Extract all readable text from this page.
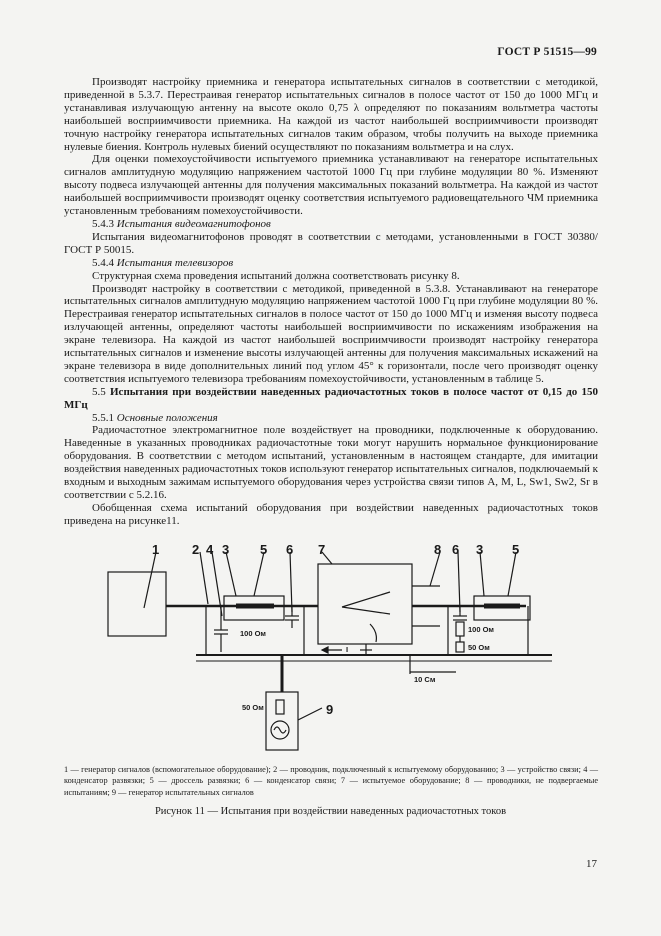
ГОСТ Р 51515—99

Производят настройку приемника и генератора испытательных сигналов в соответствии с методикой, приведенной в 5.3.7. Перестраивая генератор испытательных сигналов в полосе частот от 150 до 1000 МГц и устанавливая излучающую антенну на высоте около 0,75 λ определяют по показаниям вольтметра частоты наибольшей восприимчивости приемника. На каждой из частот наибольшей восприимчивости производят точную настройку генератора испытательных сигналов таким образом, чтобы получить на выходе приемника нулевые биения. Контроль нулевых биений осуществляют по показаниям вольтметра и на слух.

Для оценки помехоустойчивости испытуемого приемника устанавливают на генераторе испытательных сигналов амплитудную модуляцию напряжением частотой 1000 Гц при глубине модуляции 80 %. Изменяют высоту подвеса излучающей антенны для получения максимальных показаний вольтметра. На каждой из частот наибольшей восприимчивости производят оценку соответствия испытуемого радиовещательного ЧМ приемника установленным требованиям помехоустойчивости.

5.4.3 Испытания видеомагнитофонов

Испытания видеомагнитофонов проводят в соответствии с методами, установленными в ГОСТ 30380/ГОСТ Р 50015.

5.4.4 Испытания телевизоров

Структурная схема проведения испытаний должна соответствовать рисунку 8.

Производят настройку в соответствии с методикой, приведенной в 5.3.8. Устанавливают на генераторе испытательных сигналов амплитудную модуляцию напряжением частотой 1000 Гц при глубине модуляции 80 %. Перестраивая генератор испытательных сигналов в полосе частот от 150 до 1000 МГц и изменяя высоту подвеса излучающей антенны, определяют частоты наибольшей восприимчивости по искажениям изображения на экране телевизора. На каждой из частот наибольшей восприимчивости производят настройку генератора испытательных сигналов и изменение высоты излучающей антенны для получения максимальных искажений на экране телевизора в виде дополнительных линий под углом 45° к горизонтали, после чего производят оценку соответствия испытуемого телевизора требованиям помехоустойчивости, установленным в таблице 5.

5.5 Испытания при воздействии наведенных радиочастотных токов в полосе частот от 0,15 до 150 МГц

5.5.1 Основные положения

Радиочастотное электромагнитное поле воздействует на проводники, подключенные к оборудованию. Наведенные в указанных проводниках радиочастотные токи могут нарушить нормальное функционирование оборудования. В соответствии с методом испытаний, установленным в настоящем стандарте, для имитации воздействия наведенных радиочастотных токов используют генератор испытательных сигналов, подключаемый к входным и выходным зажимам испытуемого оборудования через устройства связи типов А, М, L, Sw1, Sw2, Sr в соответствии с 5.2.16.

Обобщенная схема испытаний оборудования при воздействии наведенных радиочастотных токов приведена на рисунке11.

1	2 4 3 5 6 7	8 6 3 5
9
100 Ом	100 Ом
50 Ом
50 Ом
10 См
I
1 — генератор сигналов (вспомогательное оборудование); 2 — проводник, подключенный к испытуемому оборудованию; 3 — устройство связи; 4 — конденсатор развязки; 5 — дроссель развязки; 6 — конденсатор связи; 7 — испытуемое оборудование; 8 — проводники, не подвергаемые испытаниям; 9 — генератор испытательных сигналов
Рисунок 11 — Испытания при воздействии наведенных радиочастотных токов
17
